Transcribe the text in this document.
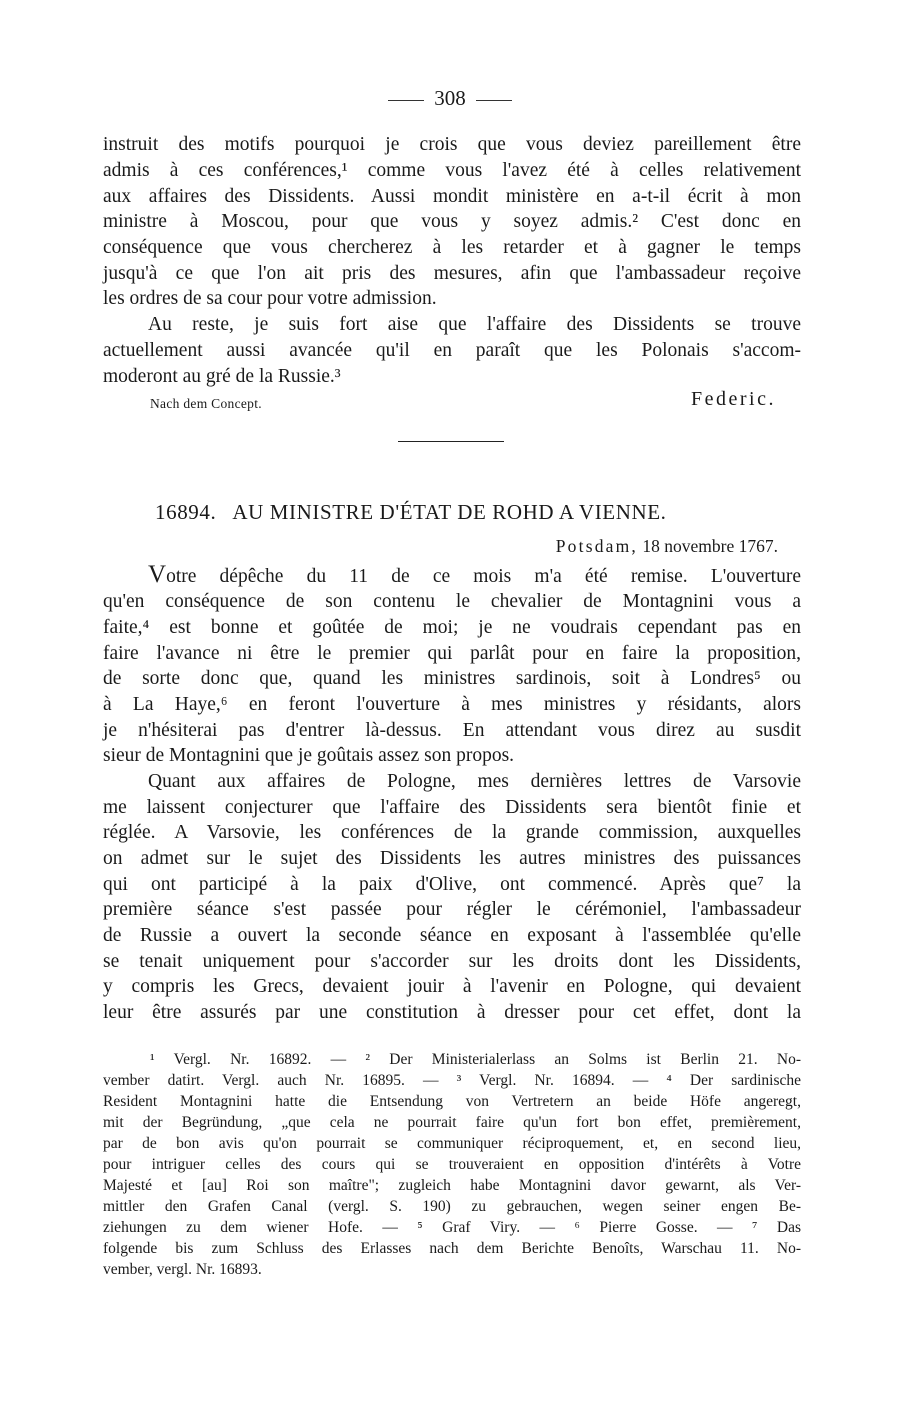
308
instruit des motifs pourquoi je crois que vous deviez pareillement être
admis à ces conférences,¹ comme vous l'avez été à celles relativement
aux affaires des Dissidents. Aussi mondit ministère en a-t-il écrit à mon
ministre à Moscou, pour que vous y soyez admis.² C'est donc en
conséquence que vous chercherez à les retarder et à gagner le temps
jusqu'à ce que l'on ait pris des mesures, afin que l'ambassadeur reçoive
les ordres de sa cour pour votre admission.
Au reste, je suis fort aise que l'affaire des Dissidents se trouve
actuellement aussi avancée qu'il en paraît que les Polonais s'accom-
moderont au gré de la Russie.³
Nach dem Concept.	Federic.
16894. AU MINISTRE D'ÉTAT DE ROHD A VIENNE.
Potsdam, 18 novembre 1767.
Votre dépêche du 11 de ce mois m'a été remise. L'ouverture
qu'en conséquence de son contenu le chevalier de Montagnini vous a
faite,⁴ est bonne et goûtée de moi; je ne voudrais cependant pas en
faire l'avance ni être le premier qui parlât pour en faire la proposition,
de sorte donc que, quand les ministres sardinois, soit à Londres⁵ ou
à La Haye,⁶ en feront l'ouverture à mes ministres y résidants, alors
je n'hésiterai pas d'entrer là-dessus. En attendant vous direz au susdit
sieur de Montagnini que je goûtais assez son propos.
Quant aux affaires de Pologne, mes dernières lettres de Varsovie
me laissent conjecturer que l'affaire des Dissidents sera bientôt finie et
réglée. A Varsovie, les conférences de la grande commission, auxquelles
on admet sur le sujet des Dissidents les autres ministres des puissances
qui ont participé à la paix d'Olive, ont commencé. Après que⁷ la
première séance s'est passée pour régler le cérémoniel, l'ambassadeur
de Russie a ouvert la seconde séance en exposant à l'assemblée qu'elle
se tenait uniquement pour s'accorder sur les droits dont les Dissidents,
y compris les Grecs, devaient jouir à l'avenir en Pologne, qui devaient
leur être assurés par une constitution à dresser pour cet effet, dont la
¹ Vergl. Nr. 16892. — ² Der Ministerialerlass an Solms ist Berlin 21. No-
vember datirt. Vergl. auch Nr. 16895. — ³ Vergl. Nr. 16894. — ⁴ Der sardinische
Resident Montagnini hatte die Entsendung von Vertretern an beide Höfe angeregt,
mit der Begründung, „que cela ne pourrait faire qu'un fort bon effet, premièrement,
par de bon avis qu'on pourrait se communiquer réciproquement, et, en second lieu,
pour intriguer celles des cours qui se trouveraient en opposition d'intérêts à Votre
Majesté et [au] Roi son maître"; zugleich habe Montagnini davor gewarnt, als Ver-
mittler den Grafen Canal (vergl. S. 190) zu gebrauchen, wegen seiner engen Be-
ziehungen zu dem wiener Hofe. — ⁵ Graf Viry. — ⁶ Pierre Gosse. — ⁷ Das
folgende bis zum Schluss des Erlasses nach dem Berichte Benoîts, Warschau 11. No-
vember, vergl. Nr. 16893.
